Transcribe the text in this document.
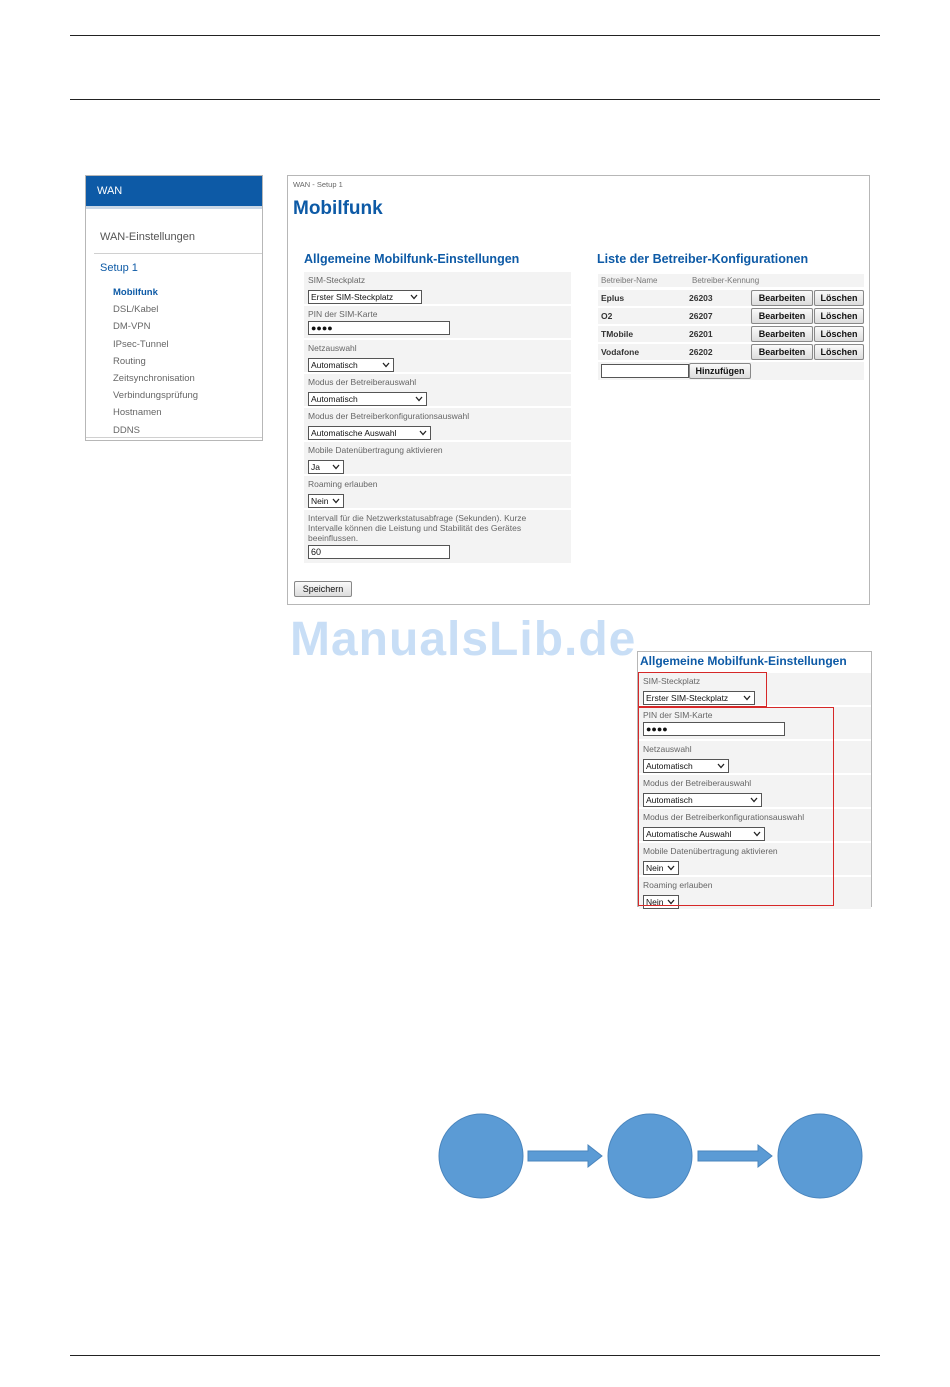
WAN
WAN-Einstellungen
Setup 1
Mobilfunk
DSL/Kabel
DM-VPN
IPsec-Tunnel
Routing
Zeitsynchronisation
Verbindungsprüfung
Hostnamen
DDNS
WAN - Setup 1
Mobilfunk
Allgemeine Mobilfunk-Einstellungen
SIM-Steckplatz
Erster SIM-Steckplatz
PIN der SIM-Karte
●●●●
Netzauswahl
Automatisch
Modus der Betreiberauswahl
Automatisch
Modus der Betreiberkonfigurationsauswahl
Automatische Auswahl
Mobile Datenübertragung aktivieren
Ja
Roaming erlauben
Nein
Intervall für die Netzwerkstatusabfrage (Sekunden). Kurze Intervalle können die Leistung und Stabilität des Gerätes beeinflussen.
60
Speichern
Liste der Betreiber-Konfigurationen
Betreiber-Name	Betreiber-Kennung
Eplus	26203	Bearbeiten	Löschen
O2	26207	Bearbeiten	Löschen
TMobile	26201	Bearbeiten	Löschen
Vodafone	26202	Bearbeiten	Löschen
Hinzufügen
ManualsLib.de Allgemeine Mobilfunk-Einstellungen
SIM-Steckplatz
Erster SIM-Steckplatz
PIN der SIM-Karte
●●●●
Netzauswahl
Automatisch
Modus der Betreiberauswahl
Automatisch
Modus der Betreiberkonfigurationsauswahl
Automatische Auswahl
Mobile Datenübertragung aktivieren
Nein
Roaming erlauben
Nein
